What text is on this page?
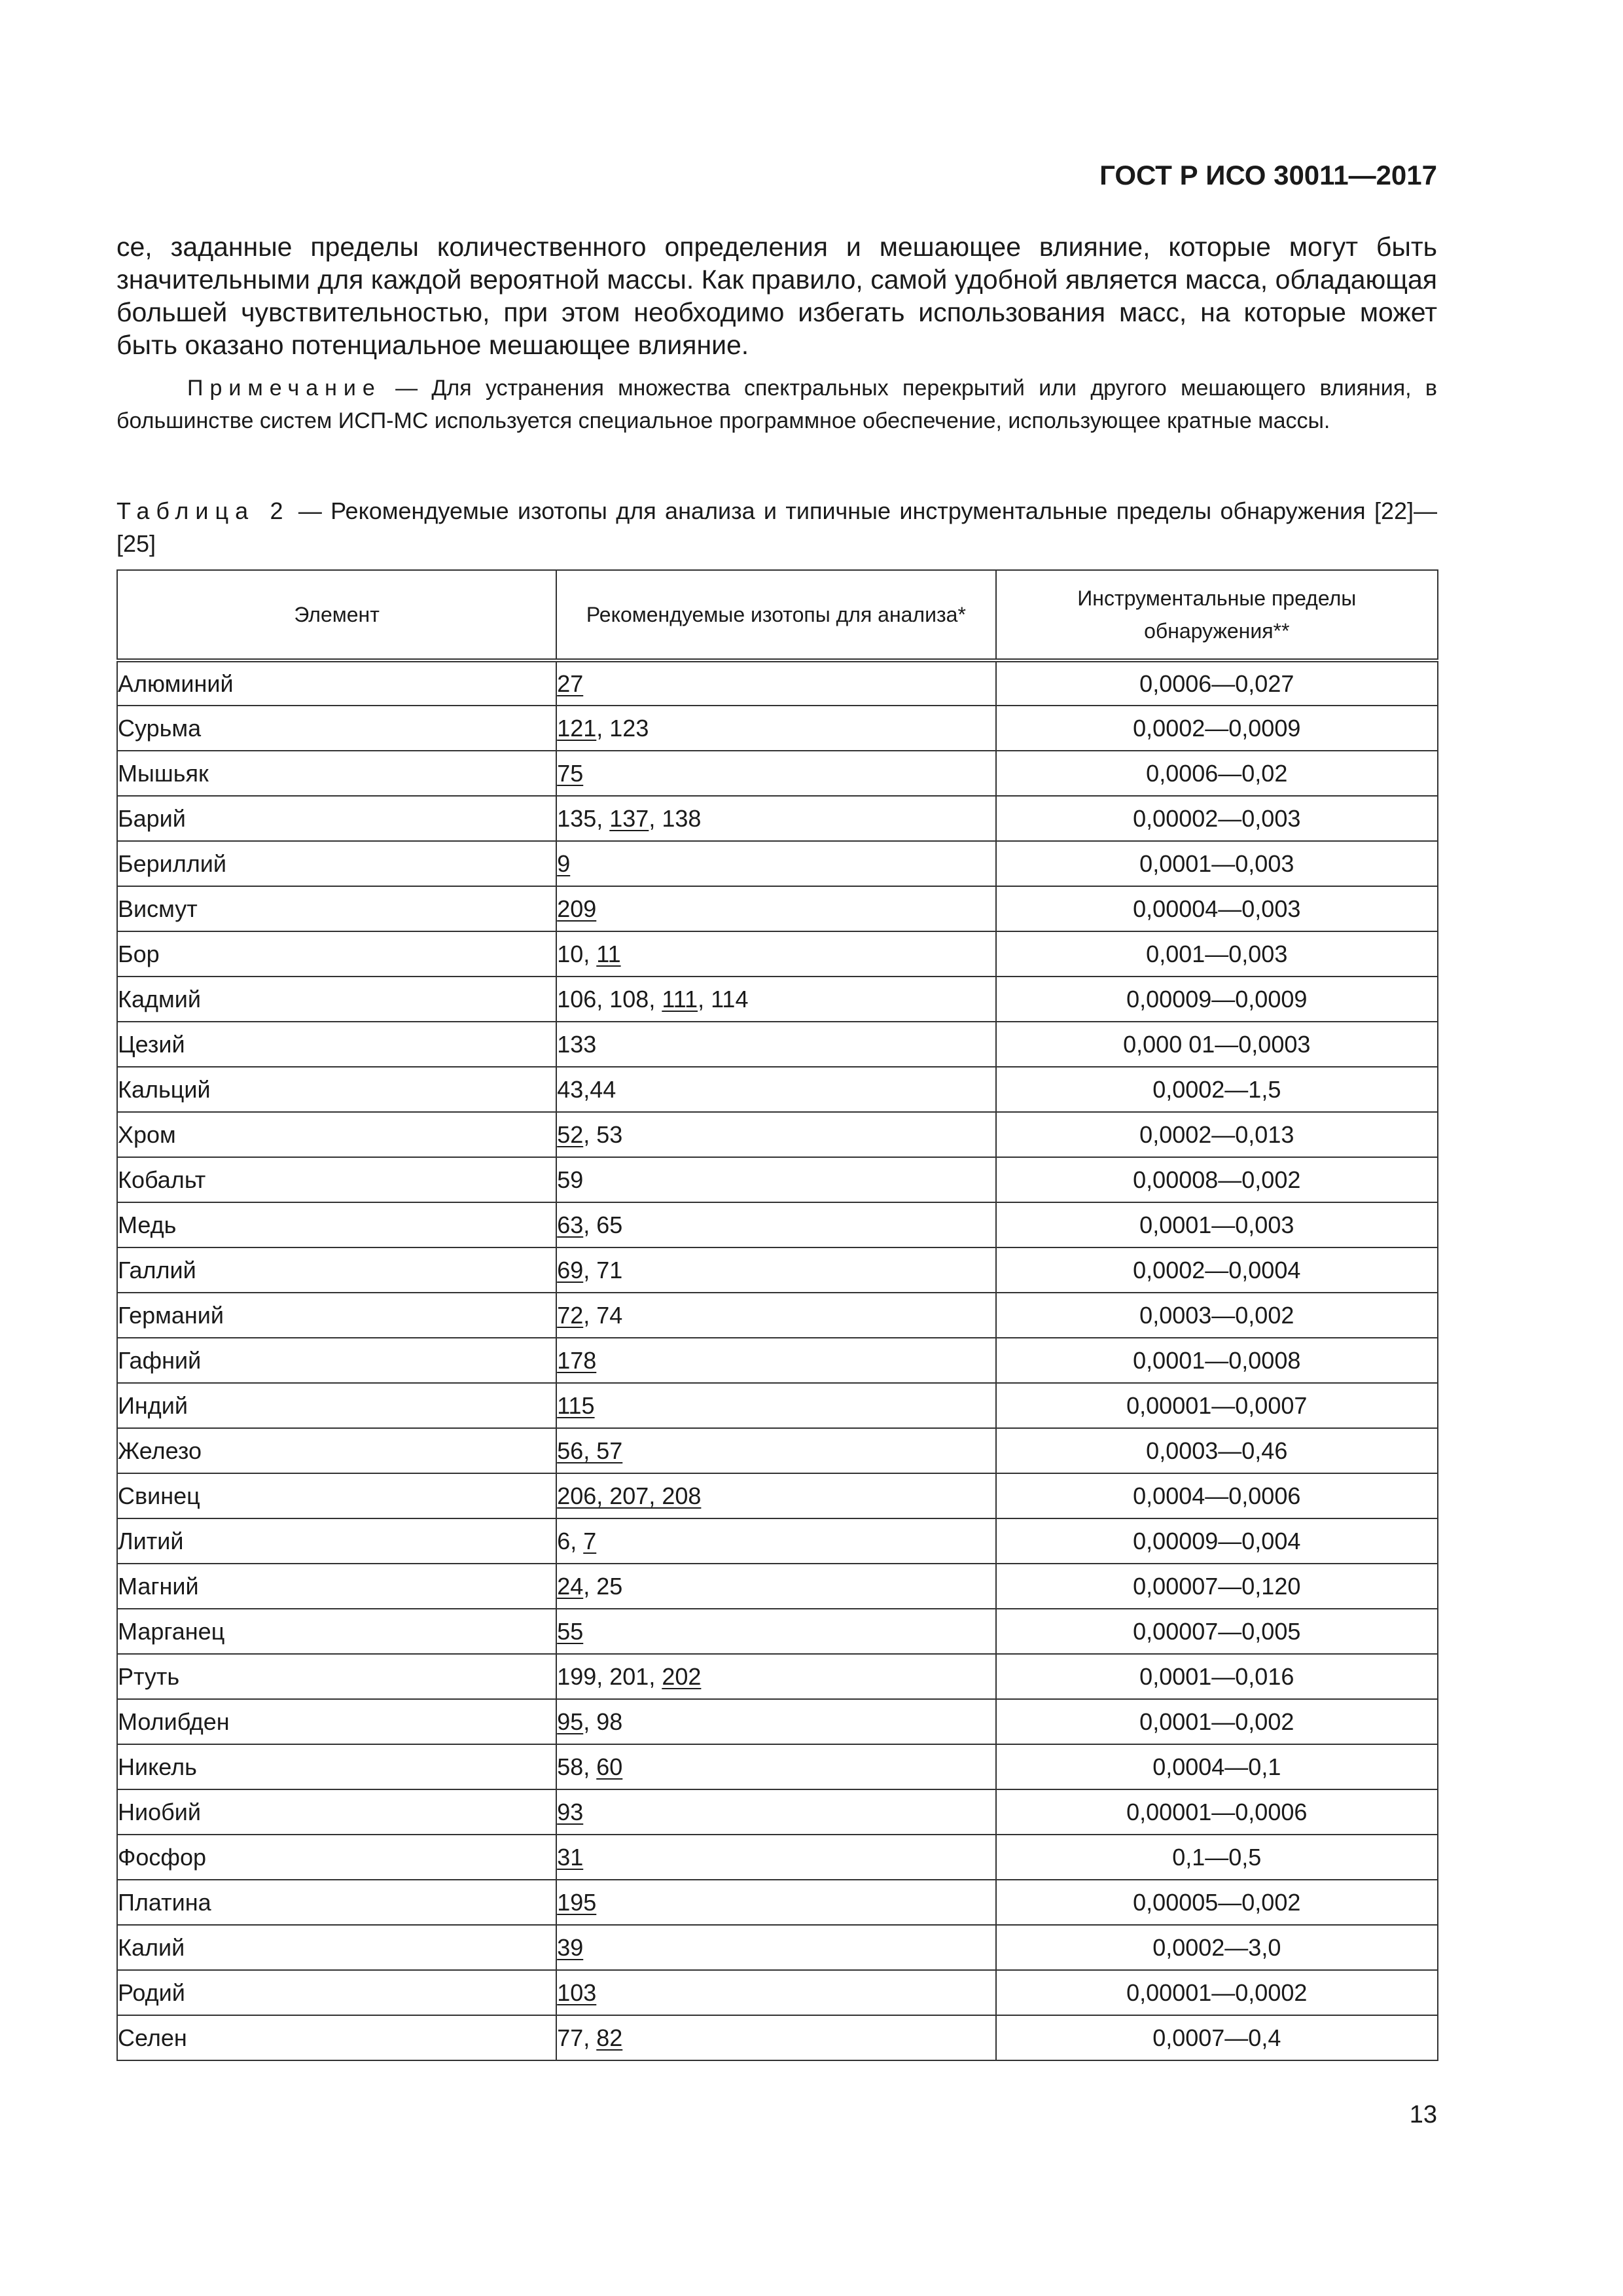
ГОСТ Р ИСО 30011—2017

се, заданные пределы количественного определения и мешающее влияние, которые могут быть значительными для каждой вероятной массы. Как правило, самой удобной является масса, обладающая большей чувствительностью, при этом необходимо избегать использования масс, на которые может быть оказано потенциальное мешающее влияние.

Примечание — Для устранения множества спектральных перекрытий или другого мешающего влияния, в большинстве систем ИСП-МС используется специальное программное обеспечение, использующее кратные массы.

Таблица 2 — Рекомендуемые изотопы для анализа и типичные инструментальные пределы обнаружения [22]—[25]

Элемент	Рекомендуемые изотопы для анализа*	Инструментальные пределы обнаружения**
Алюминий	27	0,0006—0,027
Сурьма	121, 123	0,0002—0,0009
Мышьяк	75	0,0006—0,02
Барий	135, 137, 138	0,00002—0,003
Бериллий	9	0,0001—0,003
Висмут	209	0,00004—0,003
Бор	10, 11	0,001—0,003
Кадмий	106, 108, 111, 114	0,00009—0,0009
Цезий	133	0,000 01—0,0003
Кальций	43,44	0,0002—1,5
Хром	52, 53	0,0002—0,013
Кобальт	59	0,00008—0,002
Медь	63, 65	0,0001—0,003
Галлий	69, 71	0,0002—0,0004
Германий	72, 74	0,0003—0,002
Гафний	178	0,0001—0,0008
Индий	115	0,00001—0,0007
Железо	56, 57	0,0003—0,46
Свинец	206, 207, 208	0,0004—0,0006
Литий	6, 7	0,00009—0,004
Магний	24, 25	0,00007—0,120
Марганец	55	0,00007—0,005
Ртуть	199, 201, 202	0,0001—0,016
Молибден	95, 98	0,0001—0,002
Никель	58, 60	0,0004—0,1
Ниобий	93	0,00001—0,0006
Фосфор	31	0,1—0,5
Платина	195	0,00005—0,002
Калий	39	0,0002—3,0
Родий	103	0,00001—0,0002
Селен	77, 82	0,0007—0,4
13
